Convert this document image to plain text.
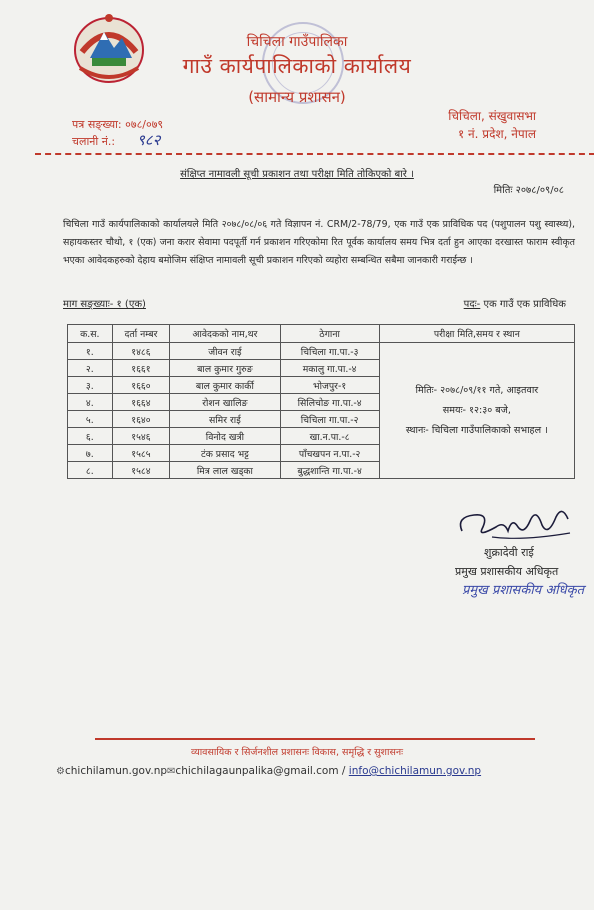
चिचिला गाउँपालिका
गाउँ कार्यपालिकाको कार्यालय
(सामान्य प्रशासन)
पत्र सङ्ख्या: ०७८/०७९
चलानी नं.: ९८२
चिचिला, संखुवासभा
१ नं. प्रदेश, नेपाल
संक्षिप्त नामावली सूची प्रकाशन तथा परीक्षा मिति तोकिएको बारे ।
मितिः २०७८/०९/०८
चिचिला गाउँ कार्यपालिकाको कार्यालयले मिति २०७८/०८/०६ गते विज्ञापन नं. CRM/2-78/79, एक गाउँ एक प्राविधिक पद (पशुपालन पशु स्वास्थ्य), सहायकस्तर चौथो, १ (एक) जना करार सेवामा पदपूर्ती गर्न प्रकाशन गरिएकोमा रित पूर्वक कार्यालय समय भित्र दर्ता हुन आएका दरखास्त फाराम स्वीकृत भएका आवेदकहरुको देहाय बमोजिम संक्षिप्त नामावली सूची प्रकाशन गरिएको व्यहोरा सम्बन्धित सबैमा जानकारी गराईन्छ ।
माग सङ्ख्याः- १ (एक)	पदः- एक गाउँ एक प्राविधिक
क.स.	दर्ता नम्बर	आवेदकको नाम,थर	ठेगाना	परीक्षा मिति,समय र स्थान
१.	१४८६	जीवन राई	चिचिला गा.पा.-३	मितिः- २०७८/०९/११ गते, आइतवार
समयः- १२:३० बजे,
स्थानः- चिचिला गाउँपालिकाको सभाहल ।

२.	१६६१	बाल कुमार गुरुङ	मकालु गा.पा.-४	
३.	१६६०	बाल कुमार कार्की	भोजपुर-१	
४.	१६६४	रोशन खालिङ	सिलिचोङ गा.पा.-४	
५.	१६४०	समिर राई	चिचिला गा.पा.-२	
६.	१५४६	विनोद खत्री	खा.न.पा.-८	
७.	१५८५	टंक प्रसाद भट्ट	पाँचखपन न.पा.-२	
८.	१५८४	मित्र लाल खड्का	बुद्धशान्ति गा.पा.-४	
शुक्रादेवी राई
प्रमुख प्रशासकीय अधिकृत
प्रमुख प्रशासकीय अधिकृत
व्यावसायिक र सिर्जनशील प्रशासनः विकास, समृद्धि र सुशासनः
⚙chichilamun.gov.np✉chichilagaunpalika@gmail.com / info@chichilamun.gov.np
